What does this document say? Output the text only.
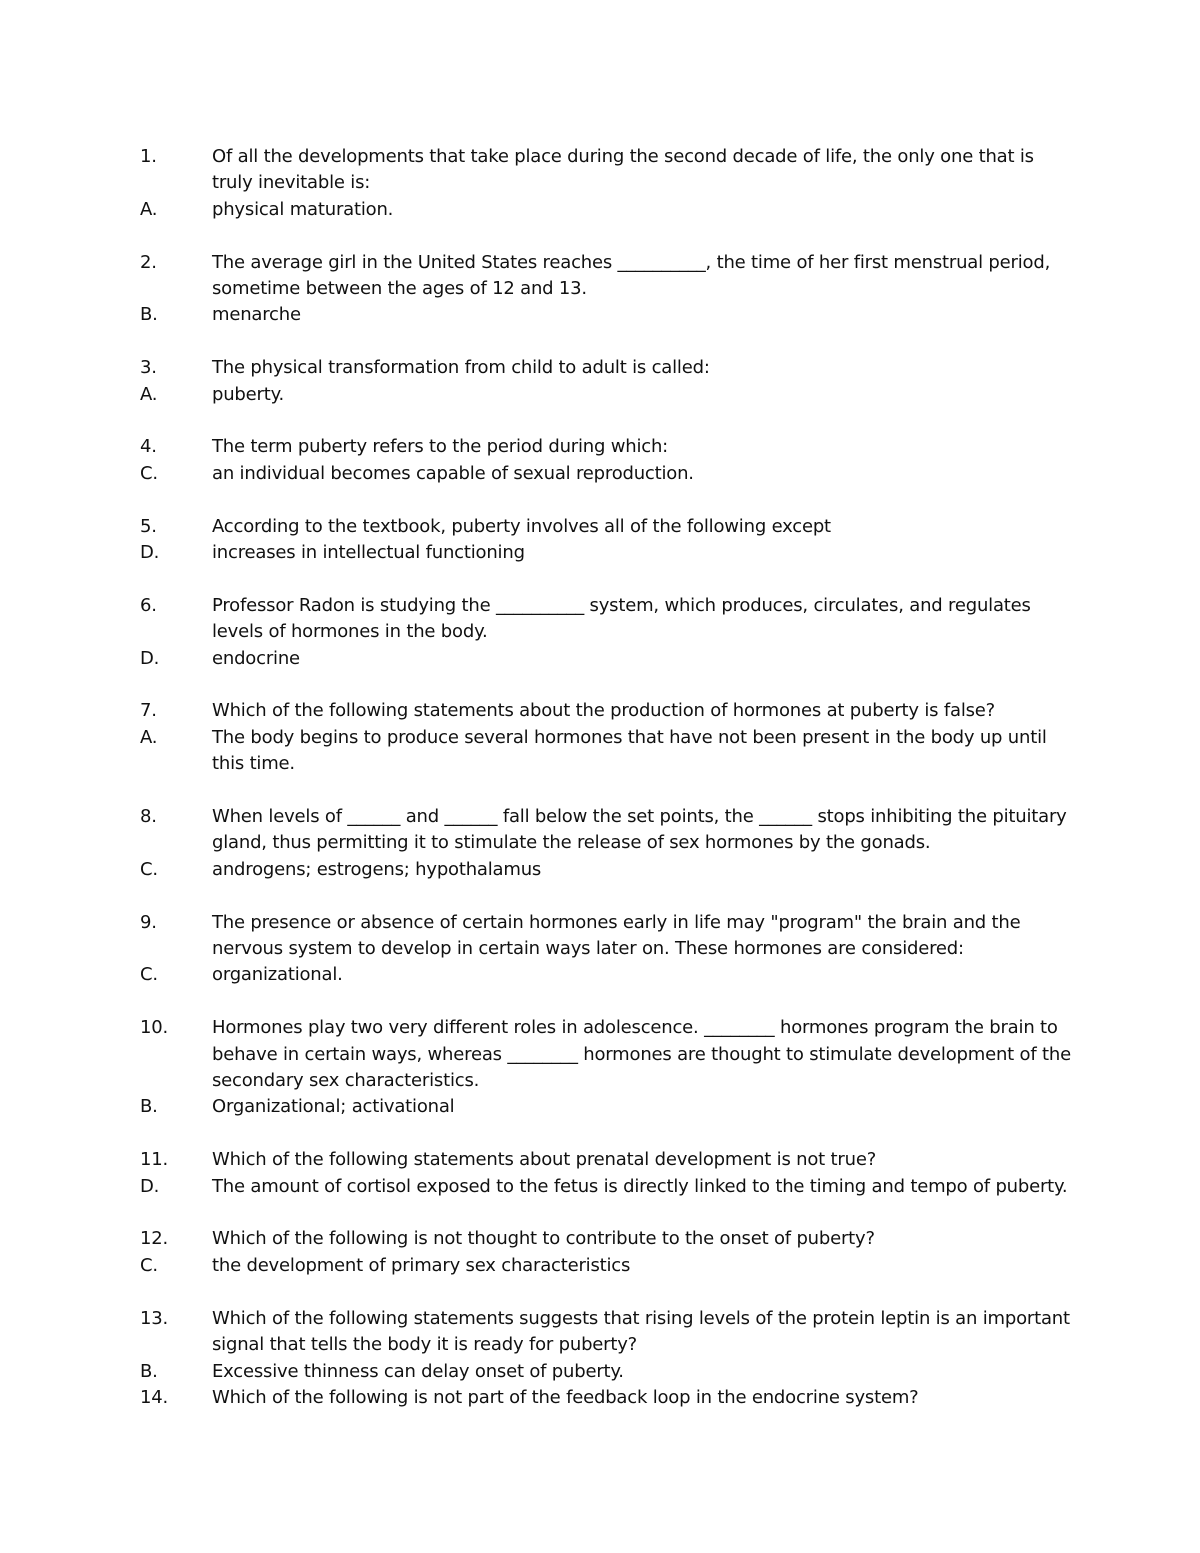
1.	Of all the developments that take place during the second decade of life, the only one that is truly inevitable is:

A.	physical maturation.

2.	The average girl in the United States reaches __________, the time of her first menstrual period, sometime between the ages of 12 and 13.

B.	menarche

3.	The physical transformation from child to adult is called:

A.	puberty.

4.	The term puberty refers to the period during which:

C.	an individual becomes capable of sexual reproduction.

5.	According to the textbook, puberty involves all of the following except

D.	increases in intellectual functioning

6.	Professor Radon is studying the __________ system, which produces, circulates, and regulates levels of hormones in the body.

D.	endocrine

7.	Which of the following statements about the production of hormones at puberty is false?

A.	The body begins to produce several hormones that have not been present in the body up until this time.

8.	When levels of ______ and ______ fall below the set points, the ______ stops inhibiting the pituitary gland, thus permitting it to stimulate the release of sex hormones by the gonads.

C.	androgens; estrogens; hypothalamus

9.	The presence or absence of certain hormones early in life may "program" the brain and the nervous system to develop in certain ways later on. These hormones are considered:

C.	organizational.

10. Hormones play two very different roles in adolescence. ________ hormones program the brain to behave in certain ways, whereas ________ hormones are thought to stimulate development of the secondary sex characteristics.

B.	Organizational; activational

11. Which of the following statements about prenatal development is not true?

D.	The amount of cortisol exposed to the fetus is directly linked to the timing and tempo of puberty.

12. Which of the following is not thought to contribute to the onset of puberty?

C.	the development of primary sex characteristics

13. Which of the following statements suggests that rising levels of the protein leptin is an important signal that tells the body it is ready for puberty?

B.	Excessive thinness can delay onset of puberty.

14. Which of the following is not part of the feedback loop in the endocrine system?
